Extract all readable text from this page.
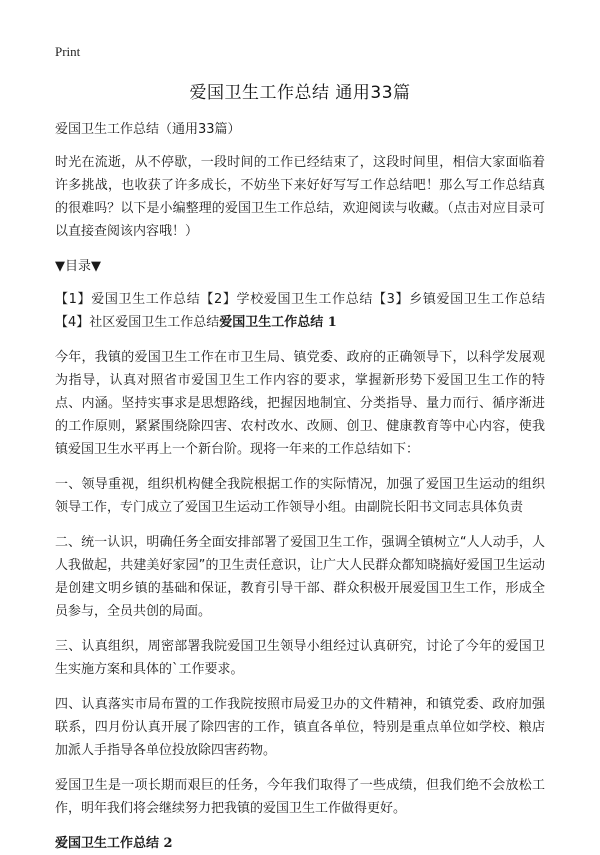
Print
爱国卫生工作总结 通用33篇

爱国卫生工作总结（通用33篇）

时光在流逝，从不停歇，一段时间的工作已经结束了，这段时间里，相信大家面临着许多挑战，也收获了许多成长，不妨坐下来好好写写工作总结吧！那么写工作总结真的很难吗？以下是小编整理的爱国卫生工作总结，欢迎阅读与收藏。（点击对应目录可以直接查阅该内容哦！）

▼目录▼

【1】爱国卫生工作总结【2】学校爱国卫生工作总结【3】乡镇爱国卫生工作总结 【4】社区爱国卫生工作总结爱国卫生工作总结 1

今年，我镇的爱国卫生工作在市卫生局、镇党委、政府的正确领导下，以科学发展观为指导，认真对照省市爱国卫生工作内容的要求，掌握新形势下爱国卫生工作的特点、内涵。坚持实事求是思想路线，把握因地制宜、分类指导、量力而行、循序渐进的工作原则，紧紧围绕除四害、农村改水、改厕、创卫、健康教育等中心内容，使我镇爱国卫生水平再上一个新台阶。现将一年来的工作总结如下：

一、领导重视，组织机构健全我院根据工作的实际情况，加强了爱国卫生运动的组织领导工作，专门成立了爱国卫生运动工作领导小组。由副院长阳书文同志具体负责

二、统一认识，明确任务全面安排部署了爱国卫生工作，强调全镇树立“人人动手，人人我做起，共建美好家园”的卫生责任意识，让广大人民群众都知晓搞好爱国卫生运动是创建文明乡镇的基础和保证，教育引导干部、群众积极开展爱国卫生工作，形成全员参与，全员共创的局面。

三、认真组织，周密部署我院爱国卫生领导小组经过认真研究，讨论了今年的爱国卫生实施方案和具体的`工作要求。

四、认真落实市局布置的工作我院按照市局爱卫办的文件精神，和镇党委、政府加强联系，四月份认真开展了除四害的工作，镇直各单位，特别是重点单位如学校、粮店加派人手指导各单位投放除四害药物。

爱国卫生是一项长期而艰巨的任务，今年我们取得了一些成绩，但我们绝不会放松工作，明年我们将会继续努力把我镇的爱国卫生工作做得更好。

爱国卫生工作总结 2
